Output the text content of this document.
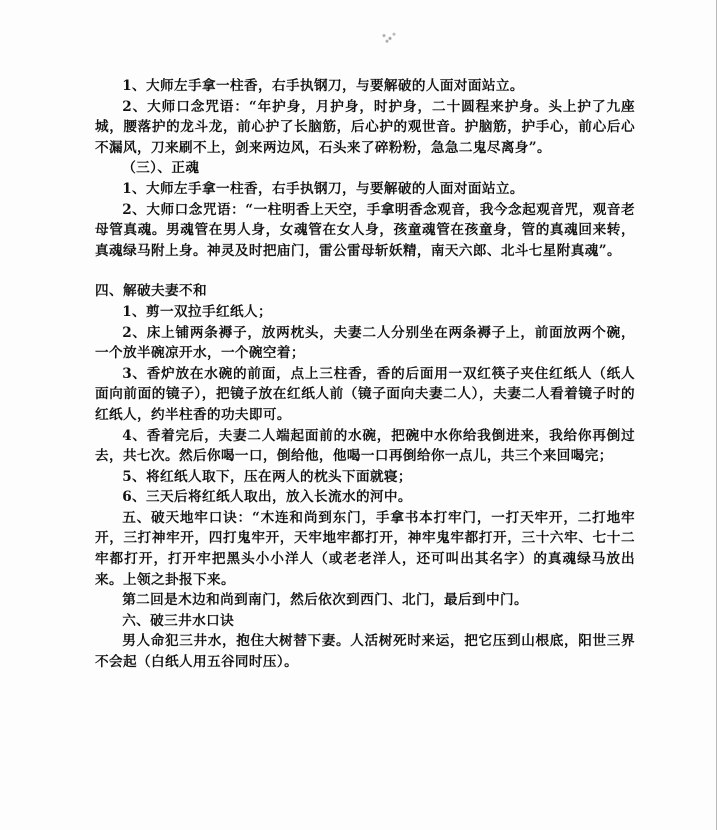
1、大师左手拿一柱香，右手执钢刀，与要解破的人面对面站立。

2、大师口念咒语：“年护身，月护身，时护身，二十圆程来护身。头上护了九座城，腰落护的龙斗龙，前心护了长脑筋，后心护的观世音。护脑筋，护手心，前心后心不漏风，刀来刷不上，剑来两边风，石头来了碎粉粉，急急二鬼尽离身”。

（三）、正魂

1、大师左手拿一柱香，右手执钢刀，与要解破的人面对面站立。

2、大师口念咒语：“一柱明香上天空，手拿明香念观音，我今念起观音咒，观音老母管真魂。男魂管在男人身，女魂管在女人身，孩童魂管在孩童身，管的真魂回来转，真魂绿马附上身。神灵及时把庙门，雷公雷母斩妖精，南天六郎、北斗七星附真魂”。

四、解破夫妻不和

1、剪一双拉手红纸人；

2、床上铺两条褥子，放两枕头，夫妻二人分别坐在两条褥子上，前面放两个碗，一个放半碗凉开水，一个碗空着；

3、香炉放在水碗的前面，点上三柱香，香的后面用一双红筷子夹住红纸人（纸人面向前面的镜子），把镜子放在红纸人前（镜子面向夫妻二人），夫妻二人看着镜子时的红纸人，约半柱香的功夫即可。

4、香着完后，夫妻二人端起面前的水碗，把碗中水你给我倒进来，我给你再倒过去，共七次。然后你喝一口，倒给他，他喝一口再倒给你一点儿，共三个来回喝完；

5、将红纸人取下，压在两人的枕头下面就寝；

6、三天后将红纸人取出，放入长流水的河中。

五、破天地牢口诀：“木连和尚到东门，手拿书本打牢门，一打天牢开，二打地牢开，三打神牢开，四打鬼牢开，天牢地牢都打开，神牢鬼牢都打开，三十六牢、七十二牢都打开，打开牢把黑头小小洋人（或老老洋人，还可叫出其名字）的真魂绿马放出来。上领之卦报下来。

第二回是木边和尚到南门，然后依次到西门、北门，最后到中门。

六、破三井水口诀

男人命犯三井水，抱住大树替下妻。人活树死时来运，把它压到山根底，阳世三界不会起（白纸人用五谷同时压）。
